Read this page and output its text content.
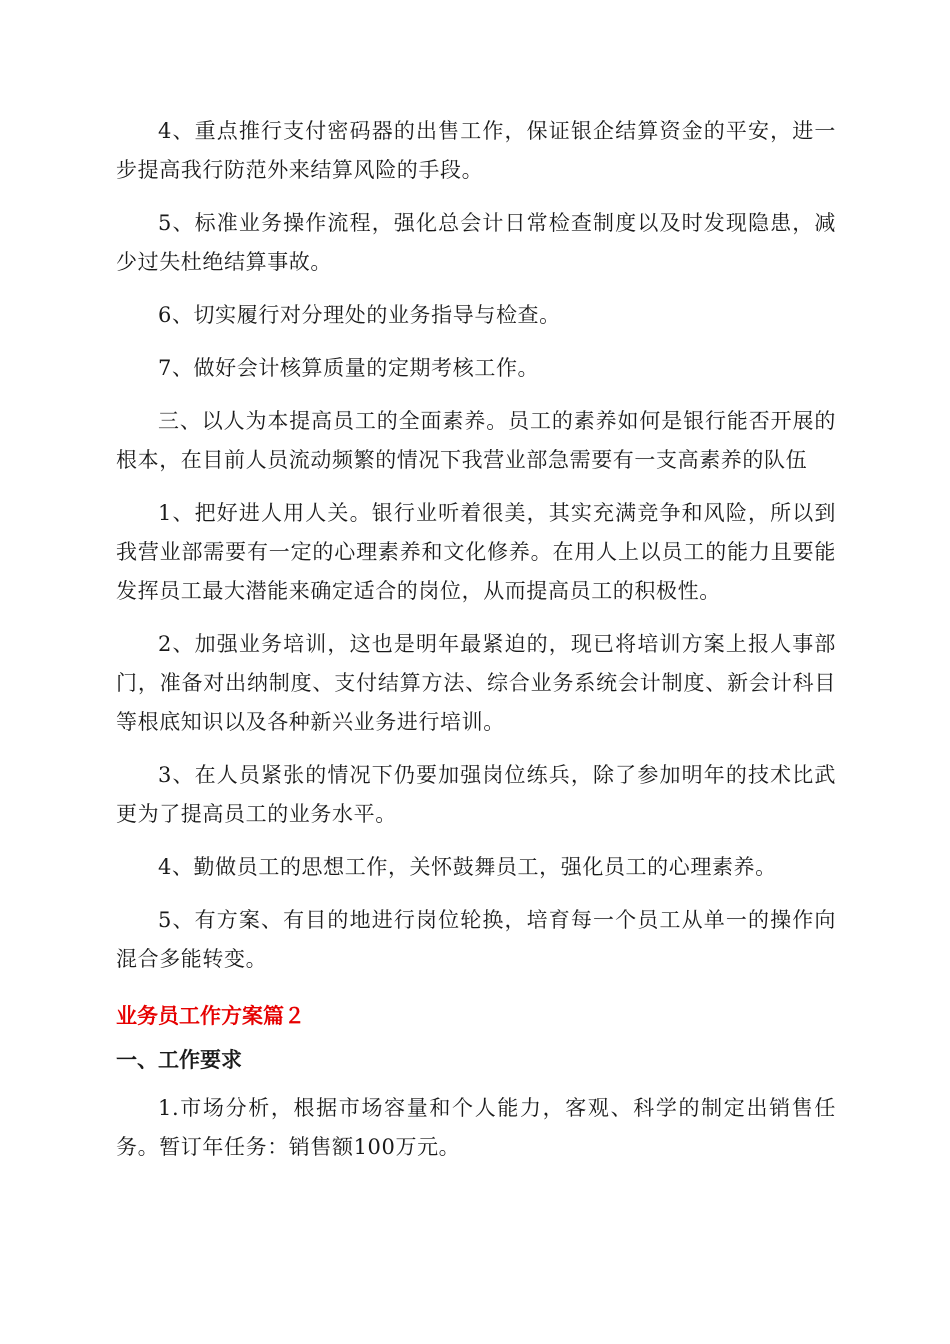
4、重点推行支付密码器的出售工作，保证银企结算资金的平安，进一步提高我行防范外来结算风险的手段。

5、标准业务操作流程，强化总会计日常检查制度以及时发现隐患，减少过失杜绝结算事故。

6、切实履行对分理处的业务指导与检查。

7、做好会计核算质量的定期考核工作。

三、以人为本提高员工的全面素养。员工的素养如何是银行能否开展的根本，在目前人员流动频繁的情况下我营业部急需要有一支高素养的队伍

1、把好进人用人关。银行业听着很美，其实充满竞争和风险，所以到我营业部需要有一定的心理素养和文化修养。在用人上以员工的能力且要能发挥员工最大潜能来确定适合的岗位，从而提高员工的积极性。

2、加强业务培训，这也是明年最紧迫的，现已将培训方案上报人事部门，准备对出纳制度、支付结算方法、综合业务系统会计制度、新会计科目等根底知识以及各种新兴业务进行培训。

3、在人员紧张的情况下仍要加强岗位练兵，除了参加明年的技术比武更为了提高员工的业务水平。

4、勤做员工的思想工作，关怀鼓舞员工，强化员工的心理素养。

5、有方案、有目的地进行岗位轮换，培育每一个员工从单一的操作向混合多能转变。

业务员工作方案篇２
一、工作要求

1.市场分析，根据市场容量和个人能力，客观、科学的制定出销售任务。暂订年任务：销售额100万元。
